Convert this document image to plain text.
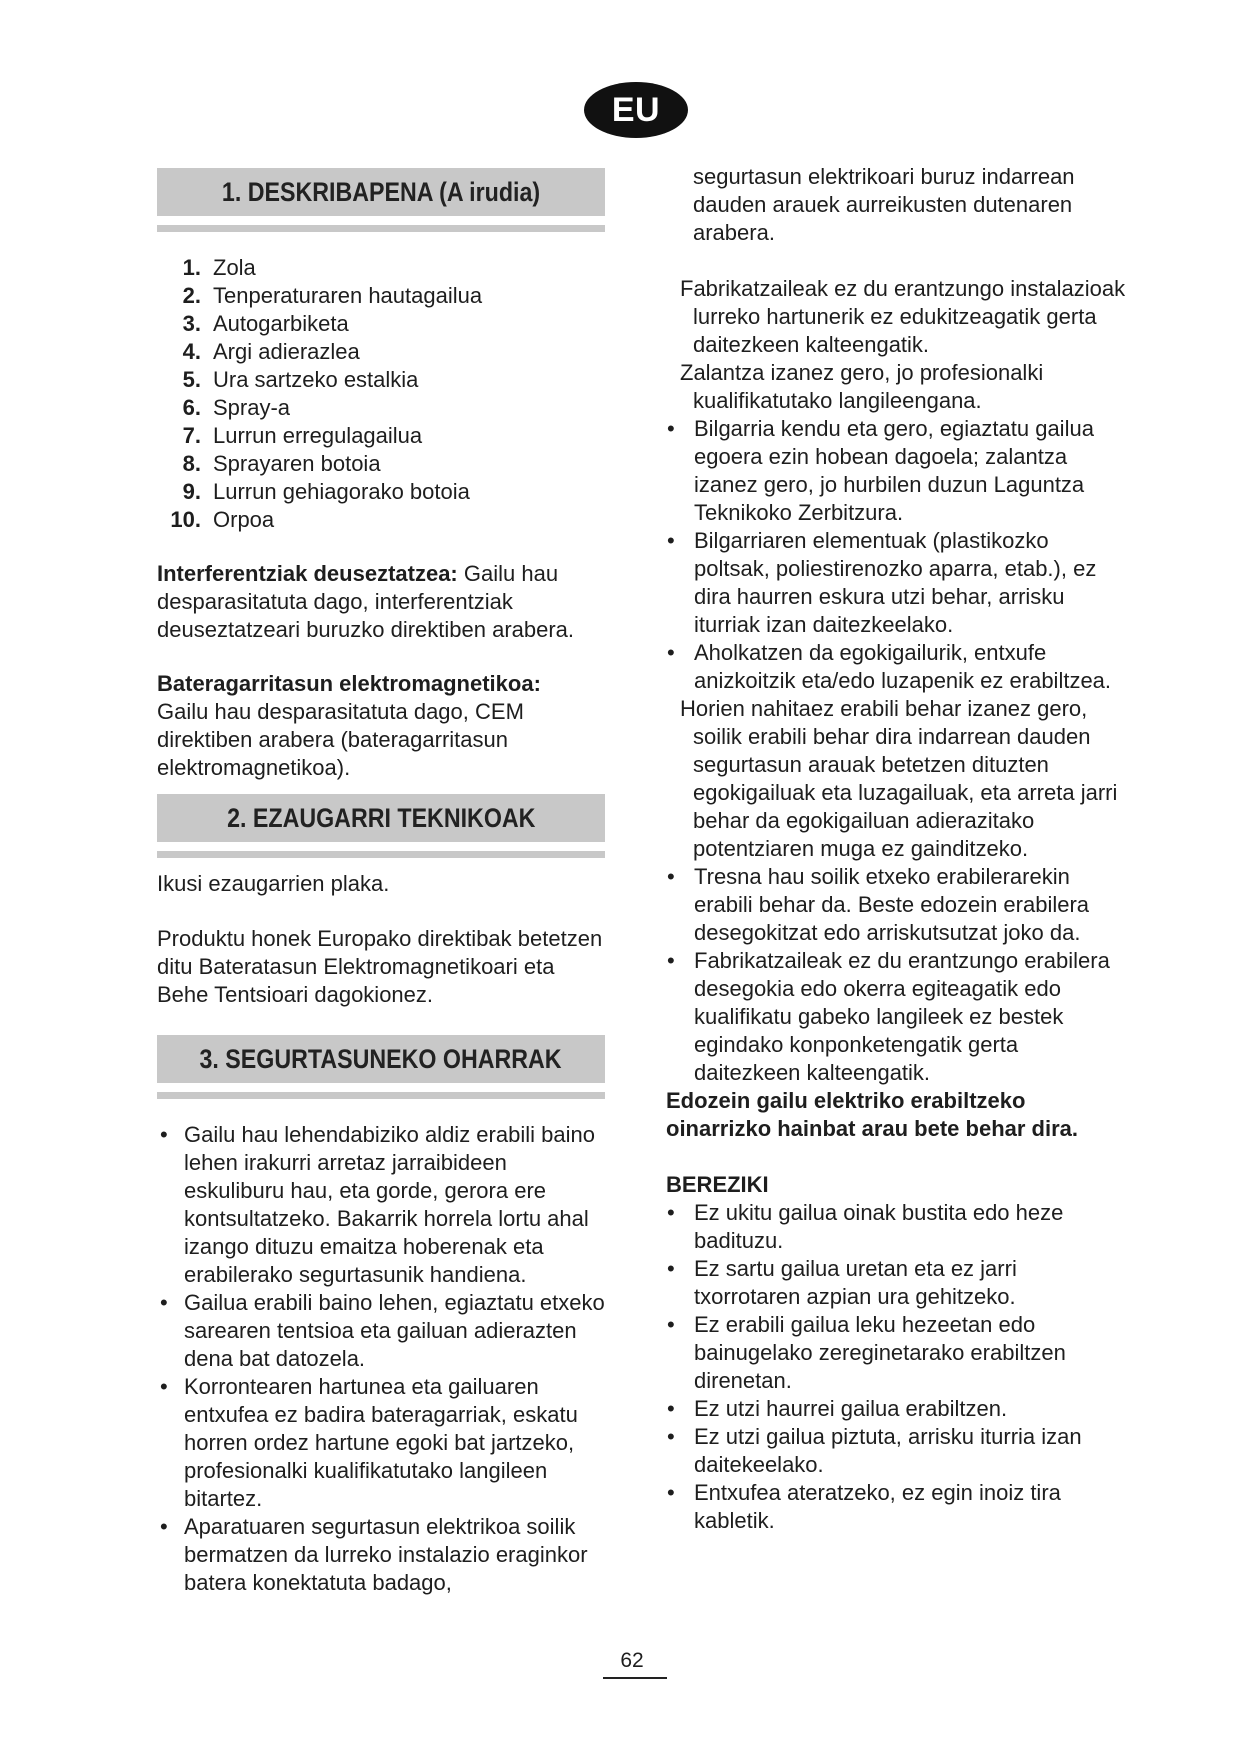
EU
1. DESKRIBAPENA (A irudia)
1. Zola
2. Tenperaturaren hautagailua
3. Autogarbiketa
4. Argi adierazlea
5. Ura sartzeko estalkia
6. Spray-a
7. Lurrun erregulagailua
8. Sprayaren botoia
9. Lurrun gehiagorako botoia
10. Orpoa

Interferentziak deuseztatzea: Gailu hau desparasitatuta dago, interferentziak deuseztatzeari buruzko direktiben arabera.

Bateragarritasun elektromagnetikoa:
Gailu hau desparasitatuta dago, CEM direktiben arabera (bateragarritasun elektromagnetikoa).

2. EZAUGARRI TEKNIKOAK

Ikusi ezaugarrien plaka.

Produktu honek Europako direktibak betetzen ditu Bateratasun Elektromagnetikoari eta Behe Tentsioari dagokionez.

3. SEGURTASUNEKO OHARRAK
• Gailu hau lehendabiziko aldiz erabili baino lehen irakurri arretaz jarraibideen eskuliburu hau, eta gorde, gerora ere kontsultatzeko. Bakarrik horrela lortu ahal izango dituzu emaitza hoberenak eta erabilerako segurtasunik handiena.
• Gailua erabili baino lehen, egiaztatu etxeko sarearen tentsioa eta gailuan adierazten dena bat datozela.
• Korrontearen hartunea eta gailuaren entxufea ez badira bateragarriak, eskatu horren ordez hartune egoki bat jartzeko, profesionalki kualifikatutako langileen bitartez.
• Aparatuaren segurtasun elektrikoa soilik bermatzen da lurreko instalazio eraginkor batera konektatuta badago,
segurtasun elektrikoari buruz indarrean dauden arauek aurreikusten dutenaren arabera.
Fabrikatzaileak ez du erantzungo instalazioak lurreko hartunerik ez edukitzeagatik gerta daitezkeen kalteengatik.
Zalantza izanez gero, jo profesionalki kualifikatutako langileengana.
• Bilgarria kendu eta gero, egiaztatu gailua egoera ezin hobean dagoela; zalantza izanez gero, jo hurbilen duzun Laguntza Teknikoko Zerbitzura.
• Bilgarriaren elementuak (plastikozko poltsak, poliestirenozko aparra, etab.), ez dira haurren eskura utzi behar, arrisku iturriak izan daitezkeelako.
• Aholkatzen da egokigailurik, entxufe anizkoitzik eta/edo luzapenik ez erabiltzea.
Horien nahitaez erabili behar izanez gero, soilik erabili behar dira indarrean dauden segurtasun arauak betetzen dituzten egokigailuak eta luzagailuak, eta arreta jarri behar da egokigailuan adierazitako potentziaren muga ez gainditzeko.
• Tresna hau soilik etxeko erabilerarekin erabili behar da. Beste edozein erabilera desegokitzat edo arriskutsutzat joko da.
• Fabrikatzaileak ez du erantzungo erabilera desegokia edo okerra egiteagatik edo kualifikatu gabeko langileek ez bestek egindako konponketengatik gerta daitezkeen kalteengatik.

Edozein gailu elektriko erabiltzeko oinarrizko hainbat arau bete behar dira.

BEREZIKI

• Ez ukitu gailua oinak bustita edo heze badituzu.
• Ez sartu gailua uretan eta ez jarri txorrotaren azpian ura gehitzeko.
• Ez erabili gailua leku hezeetan edo bainugelako zereginetarako erabiltzen direnetan.
• Ez utzi haurrei gailua erabiltzen.
• Ez utzi gailua piztuta, arrisku iturria izan daitekeelako.
• Entxufea ateratzeko, ez egin inoiz tira kabletik.
62
